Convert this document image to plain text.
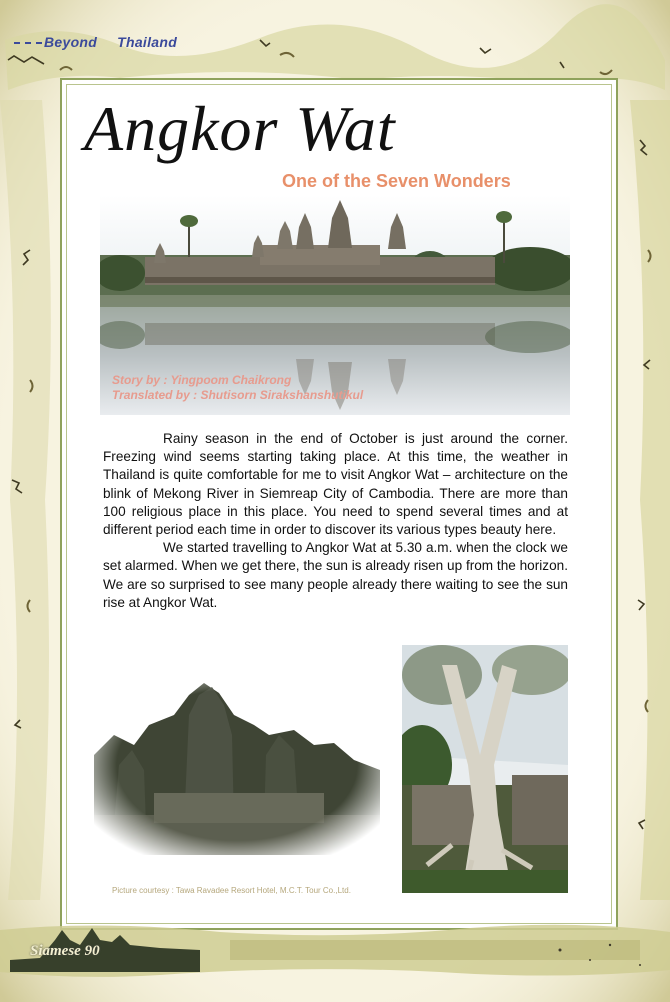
Beyond Thailand
Angkor Wat
One of the Seven Wonders
Story by : Yingpoom Chaikrong
Translated by : Shutisorn Sirakshanshutikul

Rainy season in the end of October is just around the corner. Freezing wind seems starting taking place. At this time, the weather in Thailand is quite comfortable for me to visit Angkor Wat – architecture on the blink of Mekong River in Siemreap City of Cambodia. There are more than 100 religious place in this place. You need to spend several times and at different period each time in order to discover its various types beauty here.

We started travelling to Angkor Wat at 5.30 a.m. when the clock we set alarmed. When we get there, the sun is already risen up from the horizon. We are so surprised to see many people already there waiting to see the sun rise at Angkor Wat.

Picture courtesy : Tawa Ravadee Resort Hotel, M.C.T. Tour Co.,Ltd.
Siamese 90
